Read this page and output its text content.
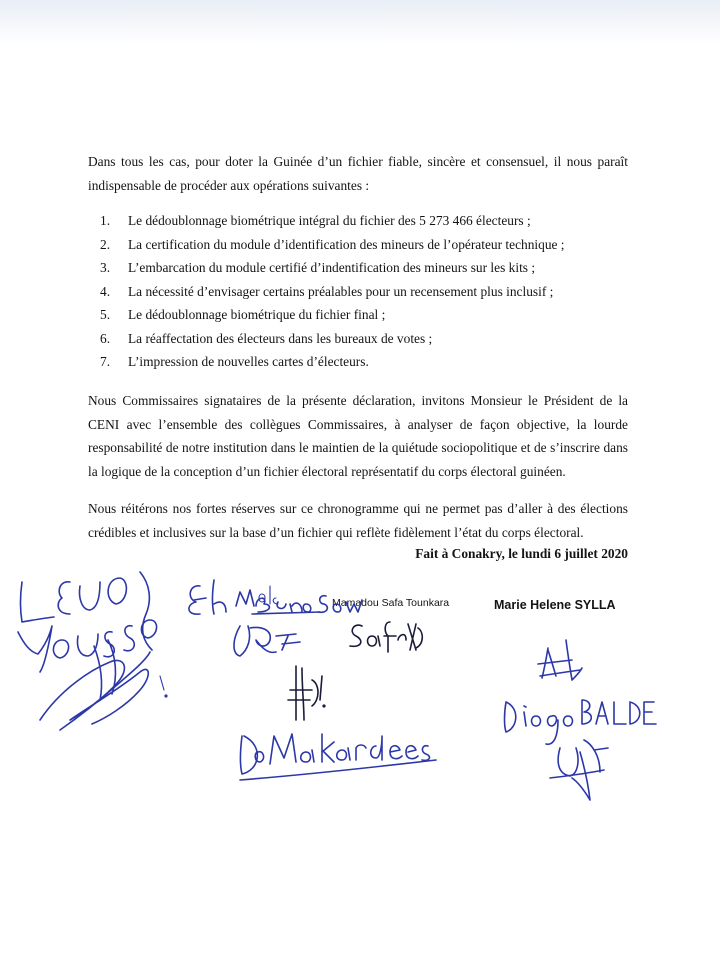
Dans tous les cas, pour doter la Guinée d’un fichier fiable, sincère et consensuel, il nous paraît indispensable de procéder aux opérations suivantes :

1.	Le dédoublonnage biométrique intégral du fichier des 5 273 466 électeurs ;
2.	La certification du module d’identification des mineurs de l’opérateur technique ;
3.	L’embarcation du module certifié d’indentification des mineurs sur les kits ;
4.	La nécessité d’envisager certains préalables pour un recensement plus inclusif ;
5.	Le dédoublonnage biométrique du fichier final ;
6.	La réaffectation des électeurs dans les bureaux de votes ;
7.	L’impression de nouvelles cartes d’électeurs.

Nous Commissaires signataires de la présente déclaration, invitons Monsieur le Président de la CENI avec l’ensemble des collègues Commissaires, à analyser de façon objective, la lourde responsabilité de notre institution dans le maintien de la quiétude sociopolitique et de s’inscrire dans la logique de la conception d’un fichier électoral représentatif du corps électoral guinéen.

Nous réitérons nos fortes réserves sur ce chronogramme qui ne permet pas d’aller à des élections crédibles et inclusives sur la base d’un fichier qui reflète fidèlement l’état du corps électoral.

Fait à Conakry, le lundi 6 juillet 2020

Mamadou Safa Tounkara	Marie Helene SYLLA
